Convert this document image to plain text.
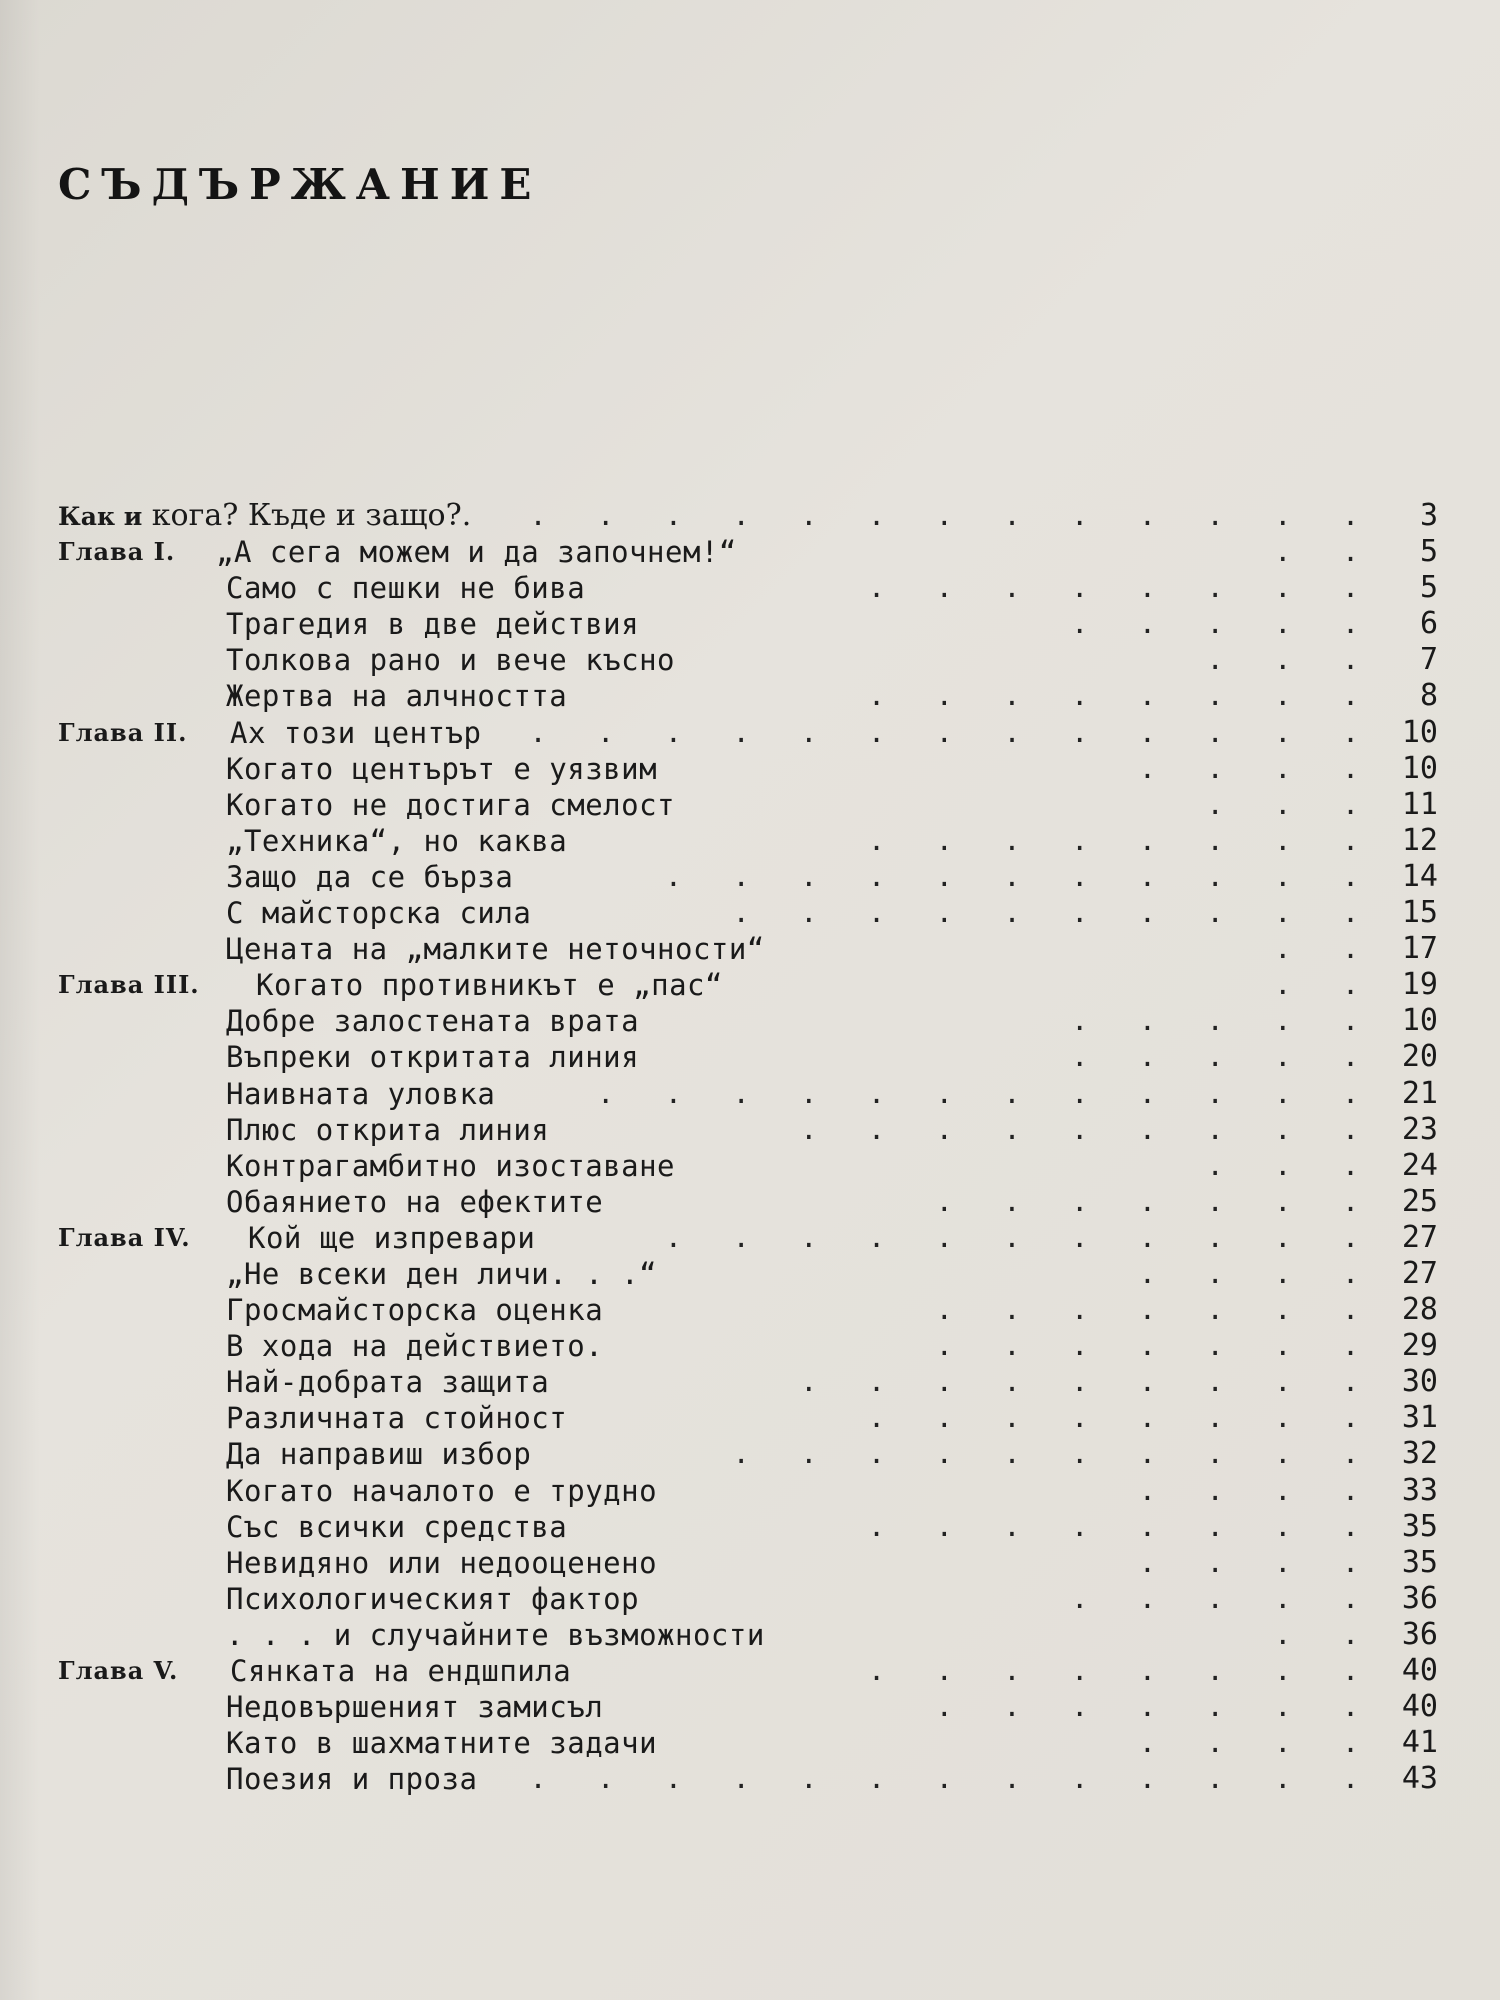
СЪДЪРЖАНИЕ
Как и кога? Къде и защо?. . . . . . . . . . . . . .	3
Глава I. „А сега можем и да започнем!“	. .	5
Само с пешки не бива	. . . . . . . .	5
Трагедия в две действия	. . . . .	6
Толкова рано и вече късно	. . .	7
Жертва на алчността	. . . . . . . .	8
Глава II. Ах този център . . . . . . . . . . . . . 10
Когато центърът е уязвим	. . . . 10
Когато не достига смелост	. . . 11
„Техника“, но каква	. . . . . . . . 12
Защо да се бърза	. . . . . . . . . . . 14
С майсторска сила	. . . . . . . . . . 15
Цената на „малките неточности“	. . 17
Глава III. Когато противникът е „пас“	. . 19
Добре залостената врата	. . . . . 10
Въпреки откритата линия	. . . . . 20
Наивната уловка	. . . . . . . . . . . . 21
Плюс открита линия	. . . . . . . . . 23
Контрагамбитно изоставане	. . . 24
Обаянието на ефектите	. . . . . . . 25
Глава IV. Кой ще изпревари	. . . . . . . . . . . 27
„Не всеки ден личи. . .“	. . . . 27
Гросмайсторска оценка	. . . . . . . 28
В хода на действието.	. . . . . . . 29
Най-добрата защита	. . . . . . . . . 30
Различната стойност	. . . . . . . . 31
Да направиш избор	. . . . . . . . . . 32
Когато началото е трудно	. . . . 33
Със всички средства	. . . . . . . . 35
Невидяно или недооценено	. . . . 35
Психологическият фактор	. . . . . 36
. . . и случайните възможности	. . 36
Глава V. Сянката на ендшпила	. . . . . . . . 40
Недовършеният замисъл	. . . . . . . 40
Като в шахматните задачи	. . . . 41
Поезия и проза . . . . . . . . . . . . . 43
